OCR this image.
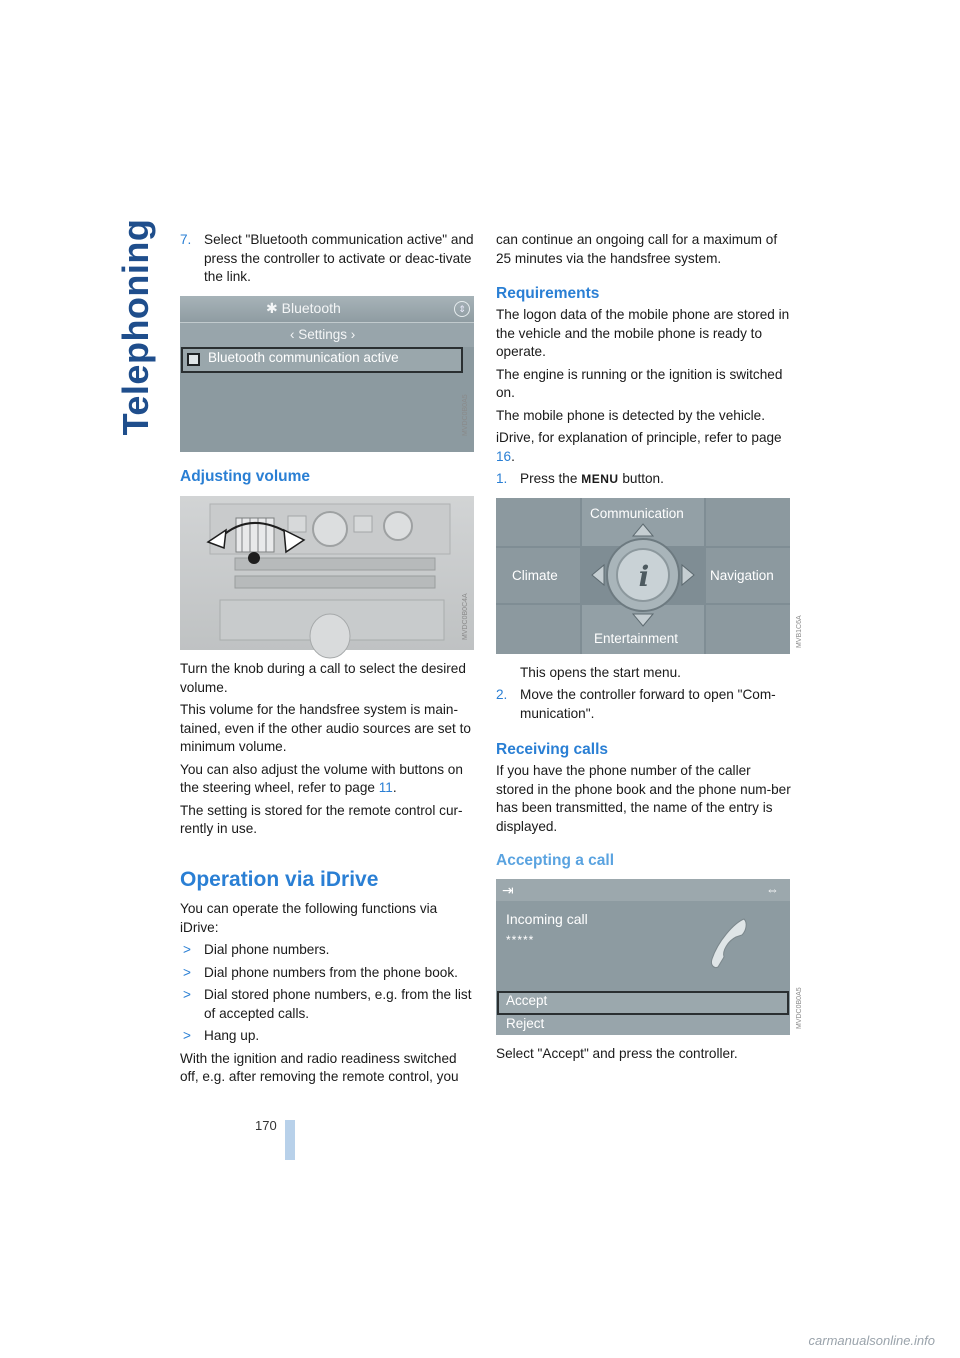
Telephoning 7. Select "Bluetooth communication active" and press the controller to activate or deac-tivate the link.

✱ Bluetooth	⇕
‹ Settings ›
Bluetooth communication active
MVDC0B0A5
Adjusting volume
MVDC0B0C4A

Turn the knob during a call to select the desired volume.

This volume for the handsfree system is main-tained, even if the other audio sources are set to minimum volume.

You can also adjust the volume with buttons on the steering wheel, refer to page 11.

The setting is stored for the remote control cur-rently in use.

Operation via iDrive

You can operate the following functions via iDrive:

> Dial phone numbers.

> Dial phone numbers from the phone book.

> Dial stored phone numbers, e.g. from the list of accepted calls.

> Hang up.

With the ignition and radio readiness switched off, e.g. after removing the remote control, you

can continue an ongoing call for a maximum of 25 minutes via the handsfree system.

Requirements

The logon data of the mobile phone are stored in the vehicle and the mobile phone is ready to operate.

The engine is running or the ignition is switched on.

The mobile phone is detected by the vehicle.

iDrive, for explanation of principle, refer to page 16.

1. Press the MENU button.

Communication
Climate	Navigation
Entertainment
i
MVB1C6A

This opens the start menu.

2. Move the controller forward to open "Com-munication".

Receiving calls

If you have the phone number of the caller stored in the phone book and the phone num-ber has been transmitted, the name of the entry is displayed.

Accepting a call
⇥	⇔
Incoming call
*****
Accept
Reject	MVDC0B0A5

Select "Accept" and press the controller.

170
carmanualsonline.info
